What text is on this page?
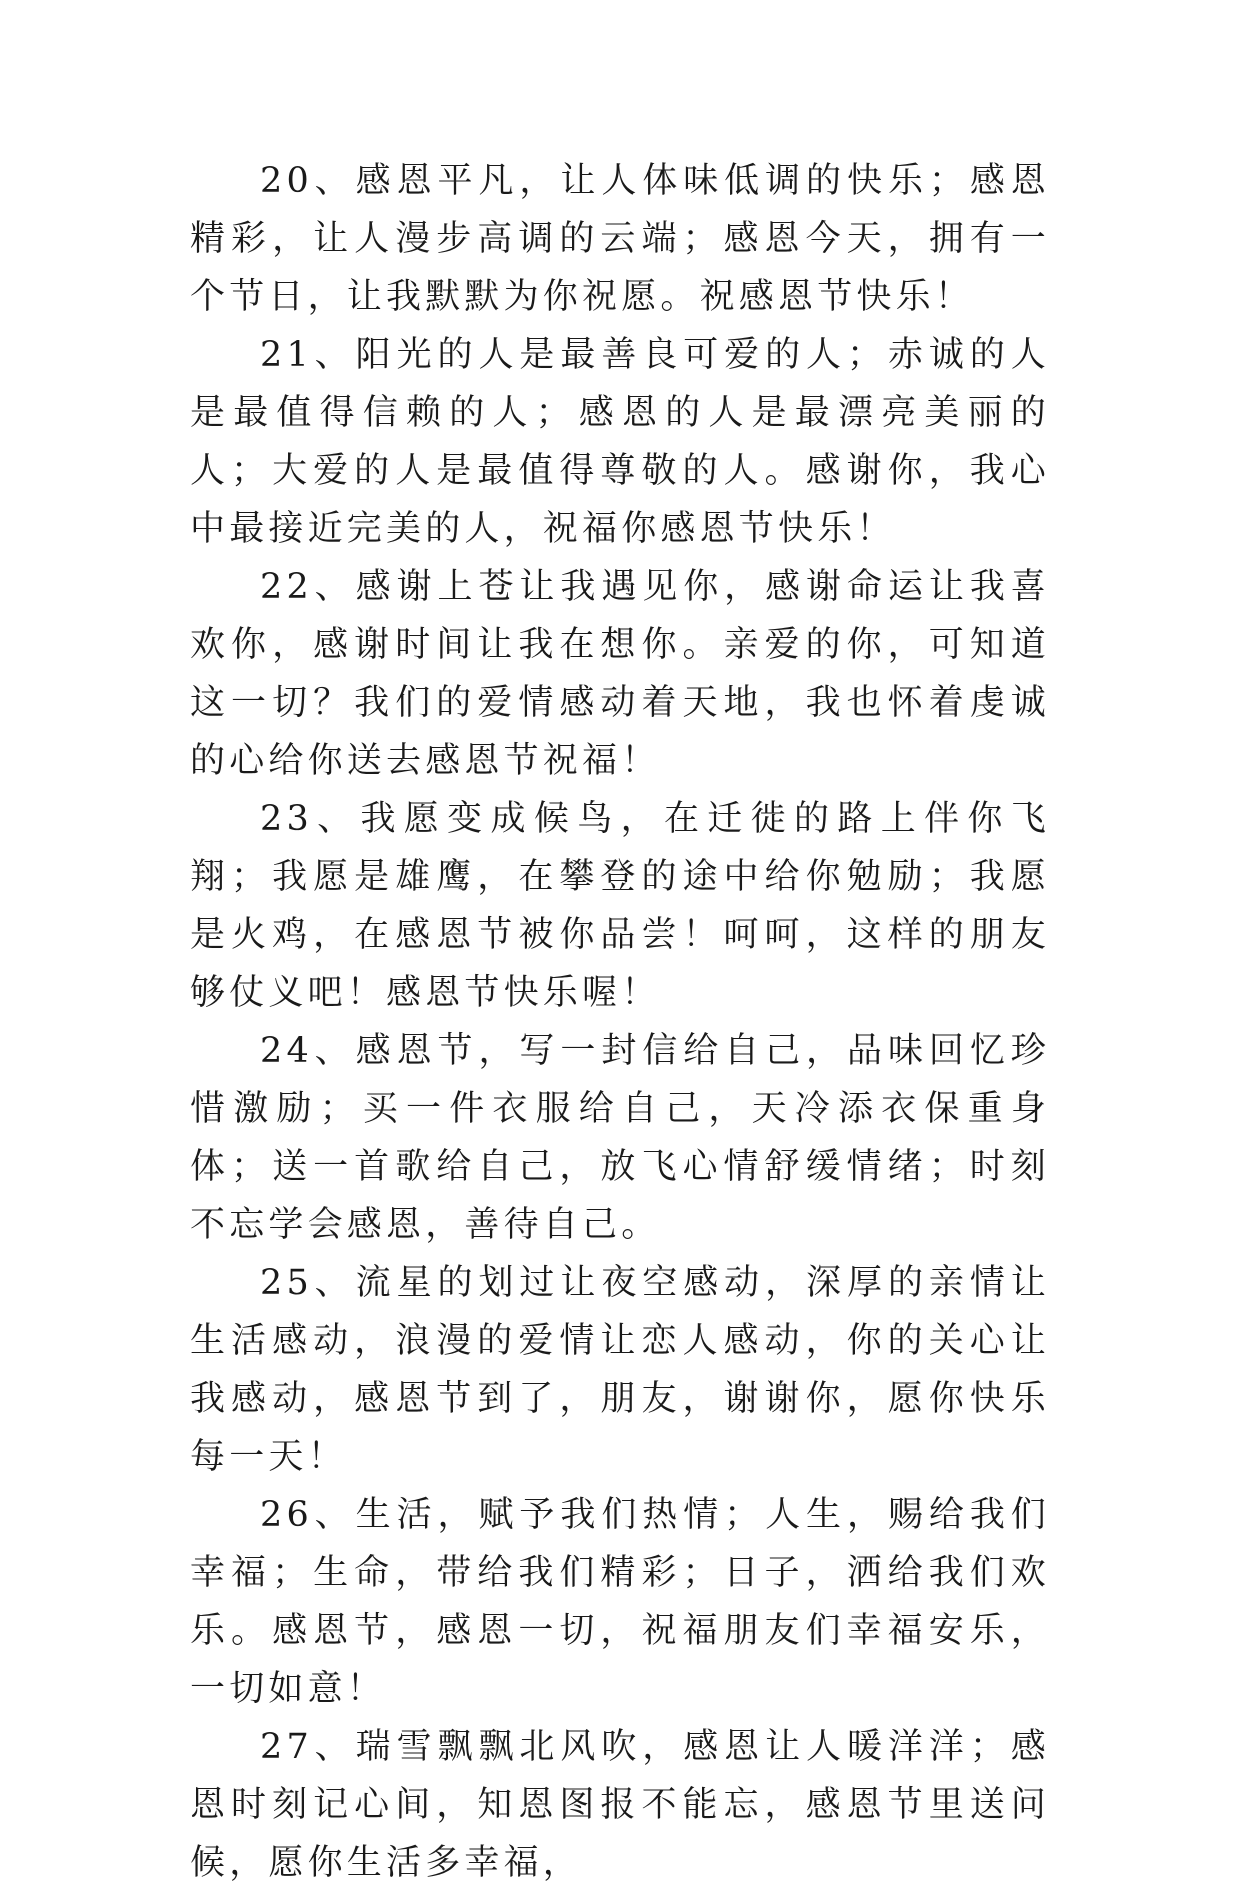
20、感恩平凡，让人体味低调的快乐；感恩精彩，让人漫步高调的云端；感恩今天，拥有一个节日，让我默默为你祝愿。祝感恩节快乐！

21、阳光的人是最善良可爱的人；赤诚的人是最值得信赖的人；感恩的人是最漂亮美丽的人；大爱的人是最值得尊敬的人。感谢你，我心中最接近完美的人，祝福你感恩节快乐！

22、感谢上苍让我遇见你，感谢命运让我喜欢你，感谢时间让我在想你。亲爱的你，可知道这一切？我们的爱情感动着天地，我也怀着虔诚的心给你送去感恩节祝福！

23、我愿变成候鸟，在迁徙的路上伴你飞翔；我愿是雄鹰，在攀登的途中给你勉励；我愿是火鸡，在感恩节被你品尝！呵呵，这样的朋友够仗义吧！感恩节快乐喔！

24、感恩节，写一封信给自己，品味回忆珍惜激励；买一件衣服给自己，天冷添衣保重身体；送一首歌给自己，放飞心情舒缓情绪；时刻不忘学会感恩，善待自己。

25、流星的划过让夜空感动，深厚的亲情让生活感动，浪漫的爱情让恋人感动，你的关心让我感动，感恩节到了，朋友，谢谢你，愿你快乐每一天！

26、生活，赋予我们热情；人生，赐给我们幸福；生命，带给我们精彩；日子，洒给我们欢乐。感恩节，感恩一切，祝福朋友们幸福安乐，一切如意！

27、瑞雪飘飘北风吹，感恩让人暖洋洋；感恩时刻记心间，知恩图报不能忘，感恩节里送问候，愿你生活多幸福，
